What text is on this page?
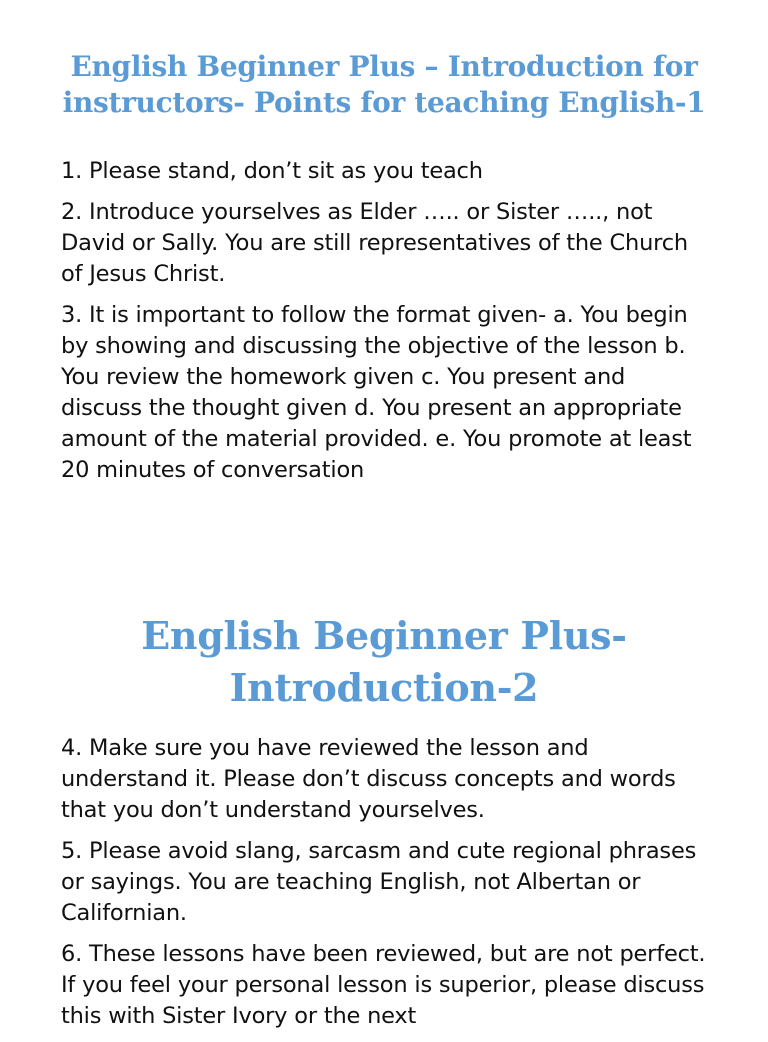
English Beginner Plus – Introduction for instructors- Points for teaching English-1
1. Please stand, don’t sit as you teach
2. Introduce yourselves as Elder ….. or Sister ….., not David or Sally. You are still representatives of the Church of Jesus Christ.
3. It is important to follow the format given- a. You begin by showing and discussing the objective of the lesson b. You review the homework given c. You present and discuss the thought given d. You present an appropriate amount of the material provided. e. You promote at least 20 minutes of conversation
English Beginner Plus- Introduction-2
4. Make sure you have reviewed the lesson and understand it. Please don’t discuss concepts and words that you don’t understand yourselves.
5. Please avoid slang, sarcasm and cute regional phrases or sayings. You are teaching English, not Albertan or Californian.
6. These lessons have been reviewed, but are not perfect. If you feel your personal lesson is superior, please discuss this with Sister Ivory or the next
